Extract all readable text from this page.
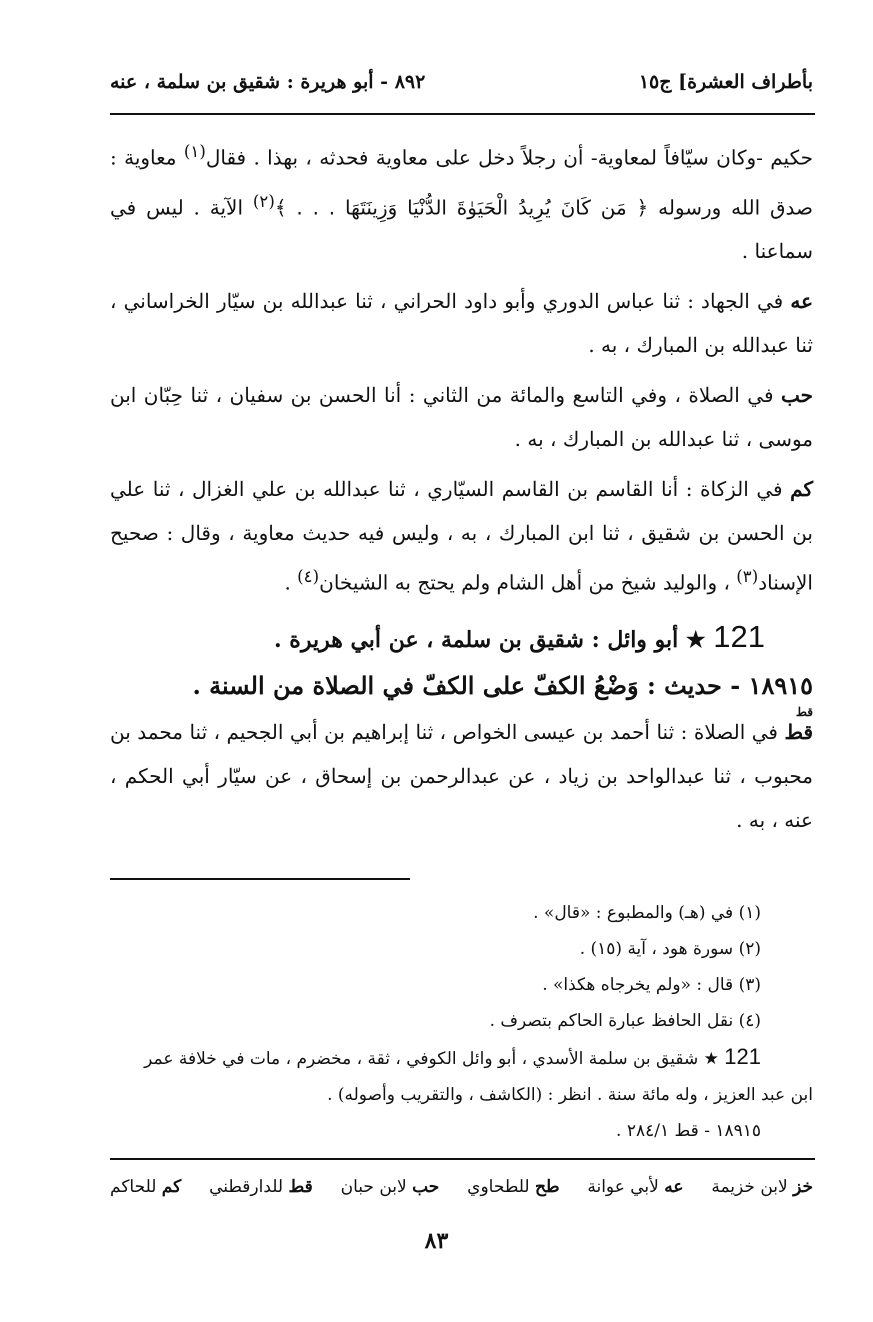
بأطراف العشرة] ج١٥
٨٩٢ - أبو هريرة : شقيق بن سلمة ، عنه

حكيم -وكان سيّافاً لمعاوية- أن رجلاً دخل على معاوية فحدثه ، بهذا . فقال$^{(١)}$ معاوية : صدق الله ورسوله ﴿ مَن كَانَ يُرِيدُ الْحَيَوٰةَ الدُّنْيَا وَزِينَتَهَا . . . ﴾$^{(٢)}$ الآية . ليس في سماعنا .

عه في الجهاد : ثنا عباس الدوري وأبو داود الحراني ، ثنا عبدالله بن سيّار الخراساني ، ثنا عبدالله بن المبارك ، به .

حب في الصلاة ، وفي التاسع والمائة من الثاني : أنا الحسن بن سفيان ، ثنا حِبّان ابن موسى ، ثنا عبدالله بن المبارك ، به .

كم في الزكاة : أنا القاسم بن القاسم السيّاري ، ثنا عبدالله بن علي الغزال ، ثنا علي بن الحسن بن شقيق ، ثنا ابن المبارك ، به ، وليس فيه حديث معاوية ، وقال : صحيح الإسناد$^{(٣)}$ ، والوليد شيخ من أهل الشام ولم يحتج به الشيخان$^{(٤)}$ .

121 ★ أبو وائل : شقيق بن سلمة ، عن أبي هريرة .
١٨٩١٥ - حديث : وَضْعُ الكفّ على الكفّ في الصلاة من السنة .
قط

قط في الصلاة : ثنا أحمد بن عيسى الخواص ، ثنا إبراهيم بن أبي الجحيم ، ثنا محمد بن محبوب ، ثنا عبدالواحد بن زياد ، عن عبدالرحمن بن إسحاق ، عن سيّار أبي الحكم ، عنه ، به .

(١) في (هـ) والمطبوع : «قال» .

(٢) سورة هود ، آية (١٥) .

(٣) قال : «ولم يخرجاه هكذا» .

(٤) نقل الحافظ عبارة الحاكم بتصرف .

121 ★ شقيق بن سلمة الأسدي ، أبو وائل الكوفي ، ثقة ، مخضرم ، مات في خلافة عمر

ابن عبد العزيز ، وله مائة سنة . انظر : (الكاشف ، والتقريب وأصوله) .

١٨٩١٥ - قط ٢٨٤/١ .

خز لابن خزيمة
عه لأبي عوانة
طح للطحاوي
حب لابن حبان
قط للدارقطني
كم للحاكم
٨٣
